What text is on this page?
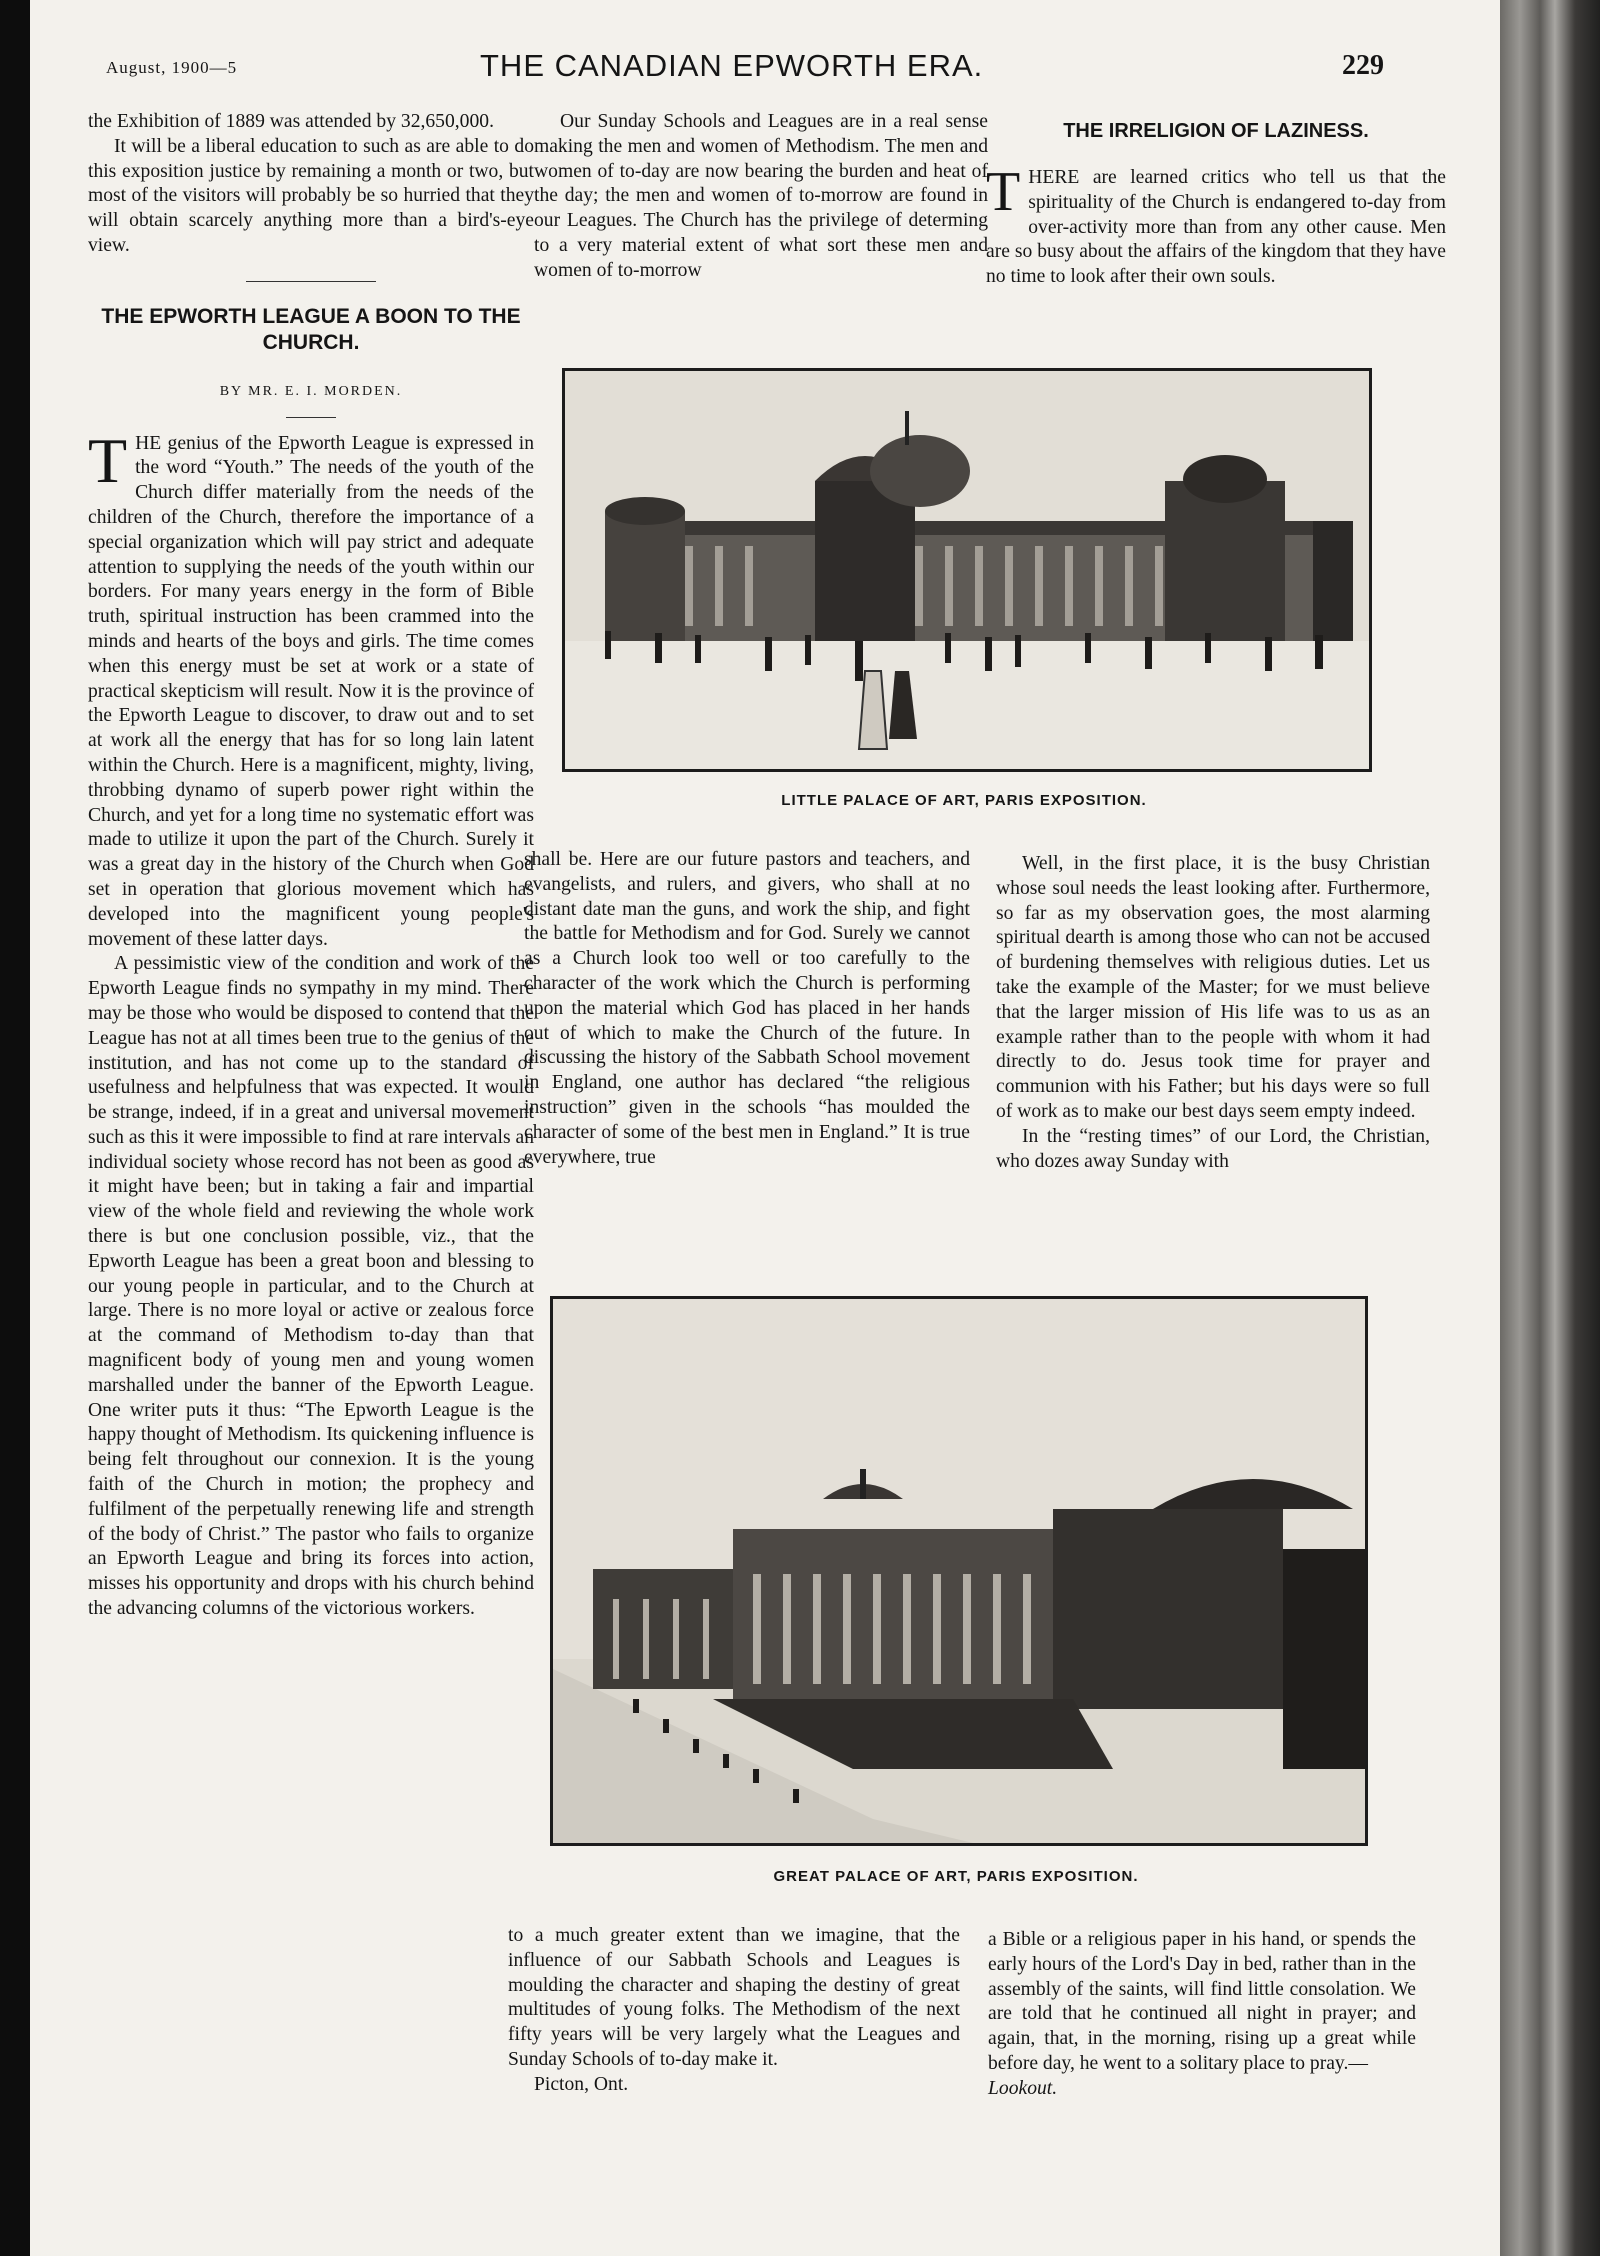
August, 1900—5	THE CANADIAN EPWORTH ERA.	229

the Exhibition of 1889 was attended by 32,650,000.

It will be a liberal education to such as are able to do this exposition justice by remaining a month or two, but most of the visitors will probably be so hurried that they will obtain scarcely anything more than a bird's-eye view.

THE EPWORTH LEAGUE A BOON TO THE CHURCH.
BY MR. E. I. MORDEN.

THE genius of the Epworth League is expressed in the word “Youth.” The needs of the youth of the Church differ materially from the needs of the children of the Church, therefore the importance of a special organization which will pay strict and adequate attention to supplying the needs of the youth within our borders. For many years energy in the form of Bible truth, spiritual instruction has been crammed into the minds and hearts of the boys and girls. The time comes when this energy must be set at work or a state of practical skepticism will result. Now it is the province of the Epworth League to discover, to draw out and to set at work all the energy that has for so long lain latent within the Church. Here is a magnificent, mighty, living, throbbing dynamo of superb power right within the Church, and yet for a long time no systematic effort was made to utilize it upon the part of the Church. Surely it was a great day in the history of the Church when God set in operation that glorious movement which has developed into the magnificent young people's movement of these latter days.

A pessimistic view of the condition and work of the Epworth League finds no sympathy in my mind. There may be those who would be disposed to contend that the League has not at all times been true to the genius of the institution, and has not come up to the standard of usefulness and helpfulness that was expected. It would be strange, indeed, if in a great and universal movement such as this it were impossible to find at rare intervals an individual society whose record has not been as good as it might have been; but in taking a fair and impartial view of the whole field and reviewing the whole work there is but one conclusion possible, viz., that the Epworth League has been a great boon and blessing to our young people in particular, and to the Church at large. There is no more loyal or active or zealous force at the command of Methodism to-day than that magnificent body of young men and young women marshalled under the banner of the Epworth League. One writer puts it thus: “The Epworth League is the happy thought of Methodism. Its quickening influence is being felt throughout our connexion. It is the young faith of the Church in motion; the prophecy and fulfilment of the perpetually renewing life and strength of the body of Christ.” The pastor who fails to organize an Epworth League and bring its forces into action, misses his opportunity and drops with his church behind the advancing columns of the victorious workers.

Our Sunday Schools and Leagues are in a real sense making the men and women of Methodism. The men and women of to-day are now bearing the burden and heat of the day; the men and women of to-morrow are found in our Leagues. The Church has the privilege of determing to a very material extent of what sort these men and women of to-morrow

THE IRRELIGION OF LAZINESS.

THERE are learned critics who tell us that the spirituality of the Church is endangered to-day from over-activity more than from any other cause. Men are so busy about the affairs of the kingdom that they have no time to look after their own souls.

LITTLE PALACE OF ART, PARIS EXPOSITION.

shall be. Here are our future pastors and teachers, and evangelists, and rulers, and givers, who shall at no distant date man the guns, and work the ship, and fight the battle for Methodism and for God. Surely we cannot as a Church look too well or too carefully to the character of the work which the Church is performing upon the material which God has placed in her hands out of which to make the Church of the future. In discussing the history of the Sabbath School movement in England, one author has declared “the religious instruction” given in the schools “has moulded the character of some of the best men in England.” It is true everywhere, true

Well, in the first place, it is the busy Christian whose soul needs the least looking after. Furthermore, so far as my observation goes, the most alarming spiritual dearth is among those who can not be accused of burdening themselves with religious duties. Let us take the example of the Master; for we must believe that the larger mission of His life was to us as an example rather than to the people with whom it had directly to do. Jesus took time for prayer and communion with his Father; but his days were so full of work as to make our best days seem empty indeed.

In the “resting times” of our Lord, the Christian, who dozes away Sunday with

GREAT PALACE OF ART, PARIS EXPOSITION.

to a much greater extent than we imagine, that the influence of our Sabbath Schools and Leagues is moulding the character and shaping the destiny of great multitudes of young folks. The Methodism of the next fifty years will be very largely what the Leagues and Sunday Schools of to-day make it.

Picton, Ont.

a Bible or a religious paper in his hand, or spends the early hours of the Lord's Day in bed, rather than in the assembly of the saints, will find little consolation. We are told that he continued all night in prayer; and again, that, in the morning, rising up a great while before day, he went to a solitary place to pray.—

Lookout.
